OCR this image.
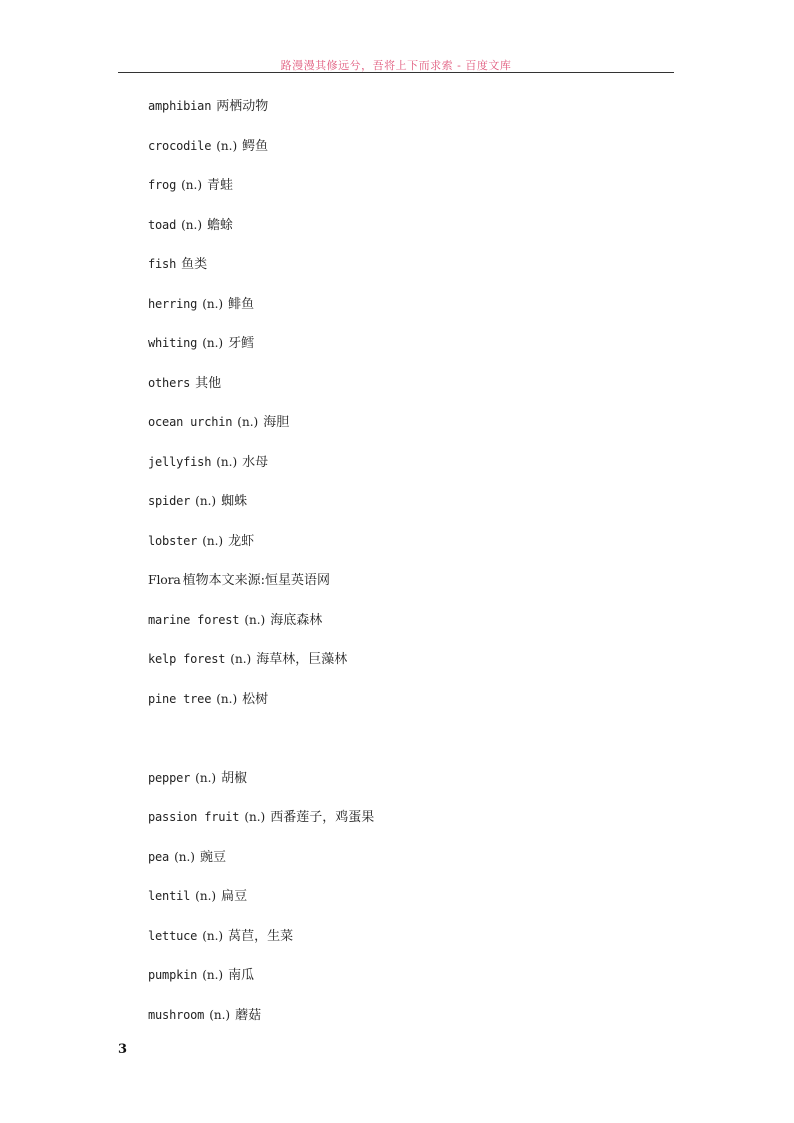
路漫漫其修远兮，吾将上下而求索 - 百度文库
amphibian 两栖动物
crocodile (n.) 鳄鱼
frog (n.) 青蛙
toad (n.) 蟾蜍
fish 鱼类
herring (n.) 鲱鱼
whiting (n.) 牙鳕
others 其他
ocean urchin (n.) 海胆
jellyfish (n.) 水母
spider (n.) 蜘蛛
lobster (n.) 龙虾
Flora 植物本文来源:恒星英语网
marine forest (n.) 海底森林
kelp forest (n.) 海草林，巨藻林
pine tree (n.) 松树
pepper (n.) 胡椒
passion fruit (n.) 西番莲子，鸡蛋果
pea (n.) 豌豆
lentil (n.) 扁豆
lettuce (n.) 莴苣，生菜
pumpkin (n.) 南瓜
mushroom (n.) 蘑菇
3
